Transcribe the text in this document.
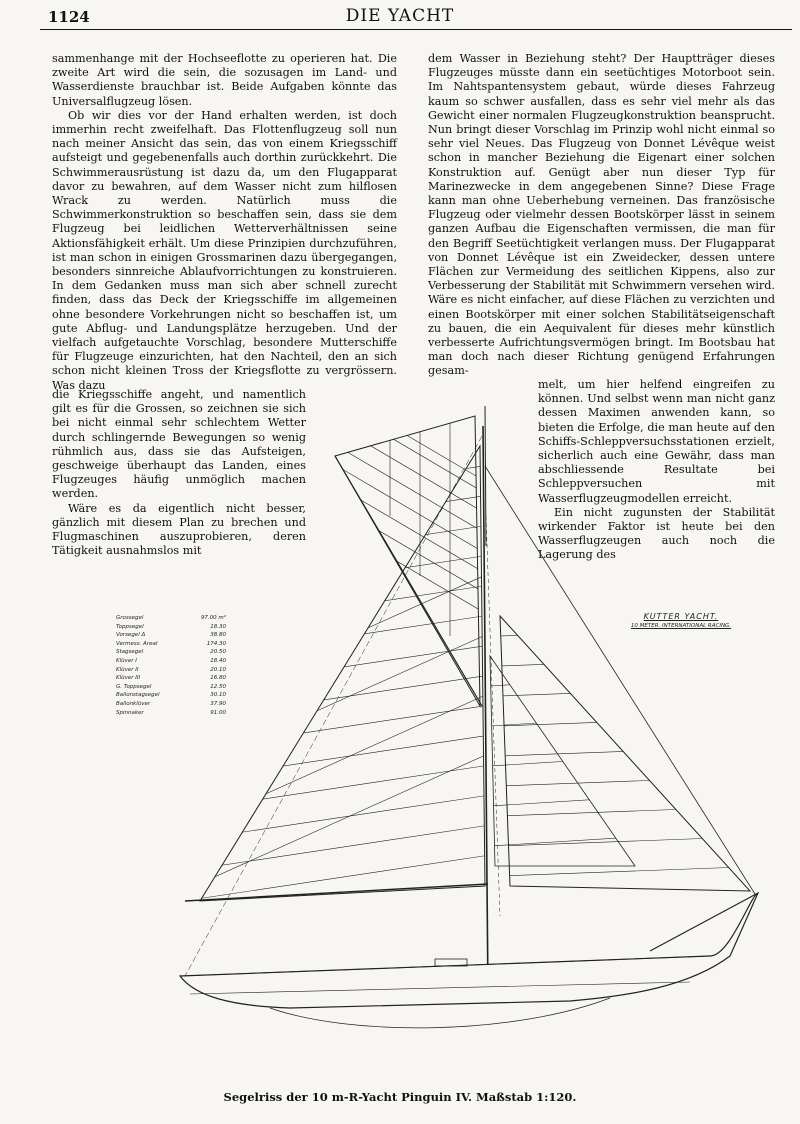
1124	DIE YACHT

sammenhange mit der Hochseeflotte zu operieren hat. Die zweite Art wird die sein, die sozusagen im Land- und Wasserdienste brauchbar ist. Beide Aufgaben könnte das Universalflugzeug lösen.

Ob wir dies vor der Hand erhalten werden, ist doch immerhin recht zweifelhaft. Das Flottenflugzeug soll nun nach meiner Ansicht das sein, das von einem Kriegsschiff aufsteigt und gegebenenfalls auch dorthin zurückkehrt. Die Schwimmerausrüstung ist dazu da, um den Flugapparat davor zu bewahren, auf dem Wasser nicht zum hilflosen Wrack zu werden. Natürlich muss die Schwimmerkonstruktion so beschaffen sein, dass sie dem Flugzeug bei leidlichen Wetterverhältnissen seine Aktionsfähigkeit erhält. Um diese Prinzipien durchzuführen, ist man schon in einigen Grossmarinen dazu übergegangen, besonders sinnreiche Ablaufvorrichtungen zu konstruieren. In dem Gedanken muss man sich aber schnell zurecht finden, dass das Deck der Kriegsschiffe im allgemeinen ohne besondere Vorkehrungen nicht so beschaffen ist, um gute Abflug- und Landungsplätze herzugeben. Und der vielfach aufgetauchte Vorschlag, besondere Mutterschiffe für Flugzeuge einzurichten, hat den Nachteil, den an sich schon nicht kleinen Tross der Kriegsflotte zu vergrössern. Was dazu

die Kriegsschiffe angeht, und namentlich gilt es für die Grossen, so zeichnen sie sich bei nicht einmal sehr schlechtem Wetter durch schlingernde Bewegungen so wenig rühmlich aus, dass sie das Aufsteigen, geschweige überhaupt das Landen, eines Flugzeuges häufig unmöglich machen werden.

Wäre es da eigentlich nicht besser, gänzlich mit diesem Plan zu brechen und Flugmaschinen auszuprobieren, deren Tätigkeit ausnahmslos mit

dem Wasser in Beziehung steht? Der Hauptträger dieses Flugzeuges müsste dann ein seetüchtiges Motorboot sein. Im Nahtspantensystem gebaut, würde dieses Fahrzeug kaum so schwer ausfallen, dass es sehr viel mehr als das Gewicht einer normalen Flugzeugkonstruktion beansprucht. Nun bringt dieser Vorschlag im Prinzip wohl nicht einmal so sehr viel Neues. Das Flugzeug von Donnet Lévêque weist schon in mancher Beziehung die Eigenart einer solchen Konstruktion auf. Genügt aber nun dieser Typ für Marinezwecke in dem angegebenen Sinne? Diese Frage kann man ohne Ueberhebung verneinen. Das französische Flugzeug oder vielmehr dessen Bootskörper lässt in seinem ganzen Aufbau die Eigenschaften vermissen, die man für den Begriff Seetüchtigkeit verlangen muss. Der Flugapparat von Donnet Lévêque ist ein Zweidecker, dessen untere Flächen zur Vermeidung des seitlichen Kippens, also zur Verbesserung der Stabilität mit Schwimmern versehen wird. Wäre es nicht einfacher, auf diese Flächen zu verzichten und einen Bootskörper mit einer solchen Stabilitätseigenschaft zu bauen, die ein Aequivalent für dieses mehr künstlich verbesserte Aufrichtungsvermögen bringt. Im Bootsbau hat man doch nach dieser Richtung genügend Erfahrungen gesam-

melt, um hier helfend eingreifen zu können. Und selbst wenn man nicht ganz dessen Maximen anwenden kann, so bieten die Erfolge, die man heute auf den Schiffs-Schleppversuchsstationen erzielt, sicherlich auch eine Gewähr, dass man abschliessende Resultate bei Schleppversuchen mit Wasserflugzeugmodellen erreicht.

Ein nicht zugunsten der Stabilität wirkender Faktor ist heute bei den Wasserflugzeugen auch noch die Lagerung des

Grossegel	97.00 m²
Toppsegel	18.30
Vorsegel Δ	38.80
Vermess. Areal	174.30
Stagsegel	20.50
Klüver I	18.40
Klüver II	20.10
Klüver III	16.80
G. Toppsegel	12.50
Ballonstagsegel	30.10
Ballonklüver	37.90
Spinnaker	91.00
KUTTER YACHT.
10 METER. INTERNATIONAL RACING.
Segelriss der 10 m-R-Yacht Pinguin IV. Maßstab 1:120.
